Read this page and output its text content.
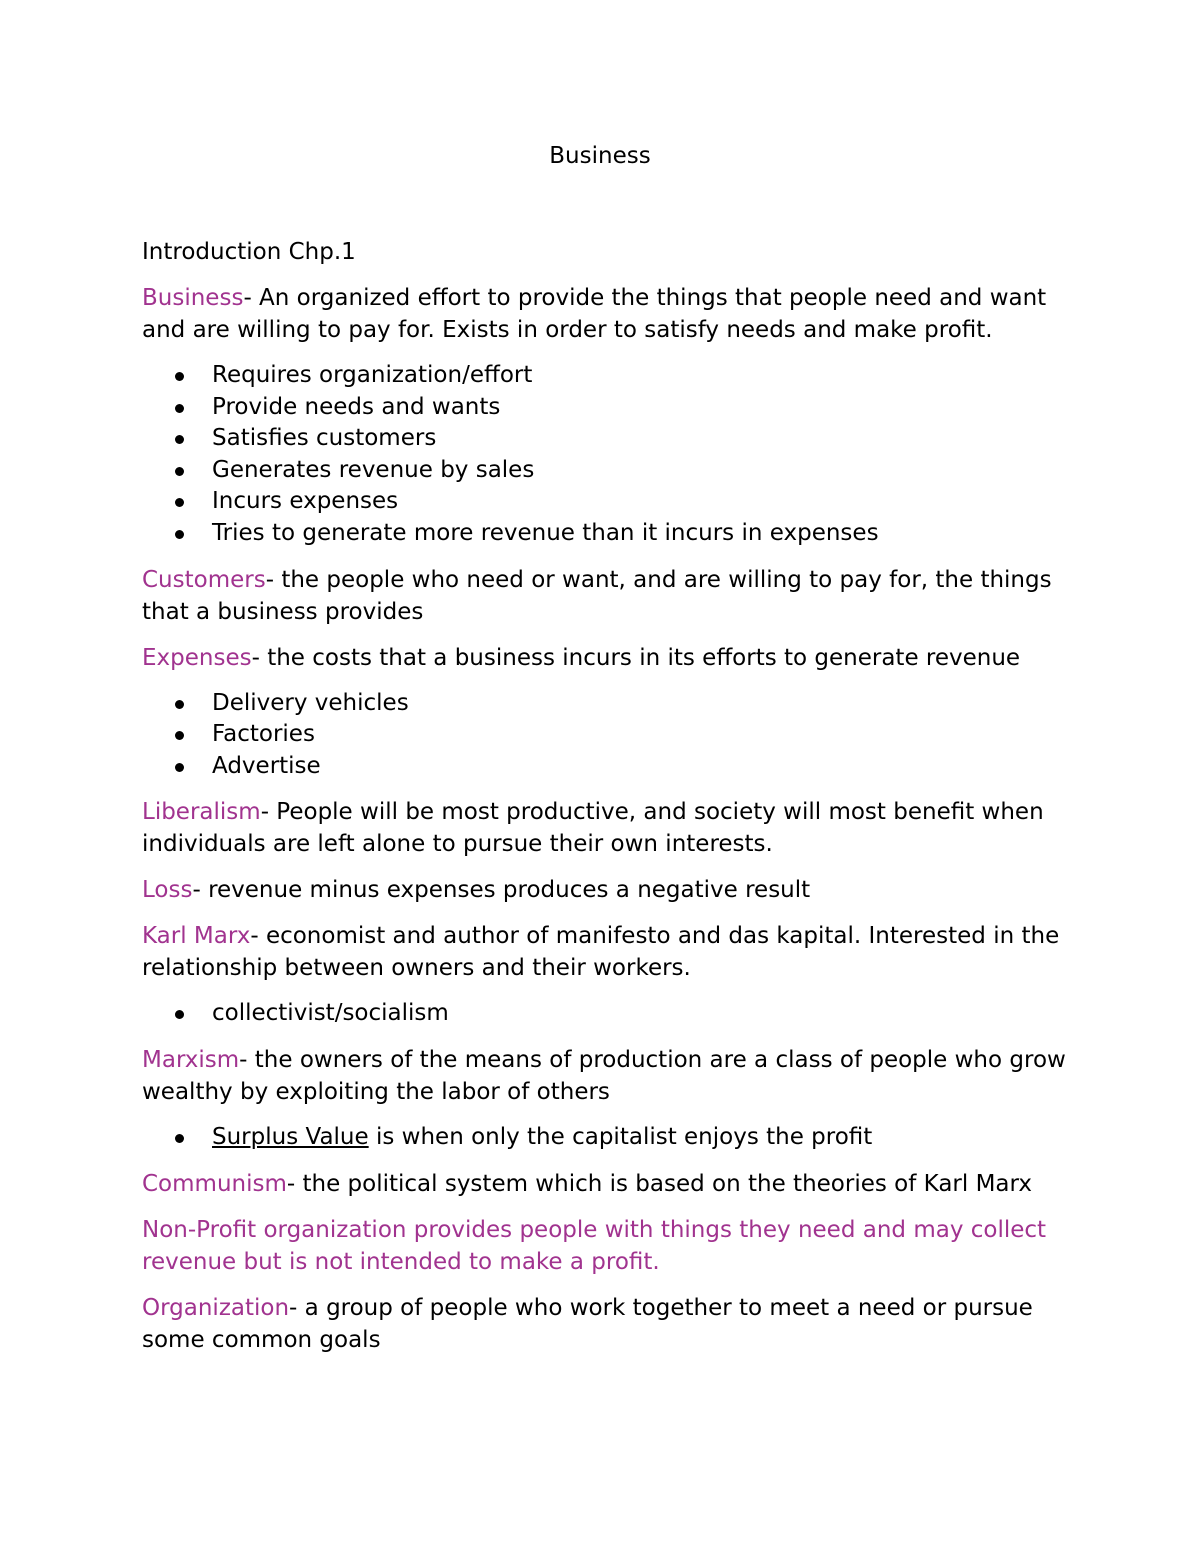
Business

Introduction Chp.1

Business- An organized effort to provide the things that people need and want and are willing to pay for. Exists in order to satisfy needs and make profit.

Requires organization/effort
Provide needs and wants
Satisfies customers
Generates revenue by sales
Incurs expenses
Tries to generate more revenue than it incurs in expenses

Customers- the people who need or want, and are willing to pay for, the things that a business provides

Expenses- the costs that a business incurs in its efforts to generate revenue

Delivery vehicles
Factories
Advertise

Liberalism- People will be most productive, and society will most benefit when individuals are left alone to pursue their own interests.

Loss- revenue minus expenses produces a negative result

Karl Marx- economist and author of manifesto and das kapital. Interested in the relationship between owners and their workers.

collectivist/socialism

Marxism- the owners of the means of production are a class of people who grow wealthy by exploiting the labor of others

Surplus Value is when only the capitalist enjoys the profit

Communism- the political system which is based on the theories of Karl Marx

Non-Profit organization provides people with things they need and may collect revenue but is not intended to make a profit.

Organization- a group of people who work together to meet a need or pursue some common goals
